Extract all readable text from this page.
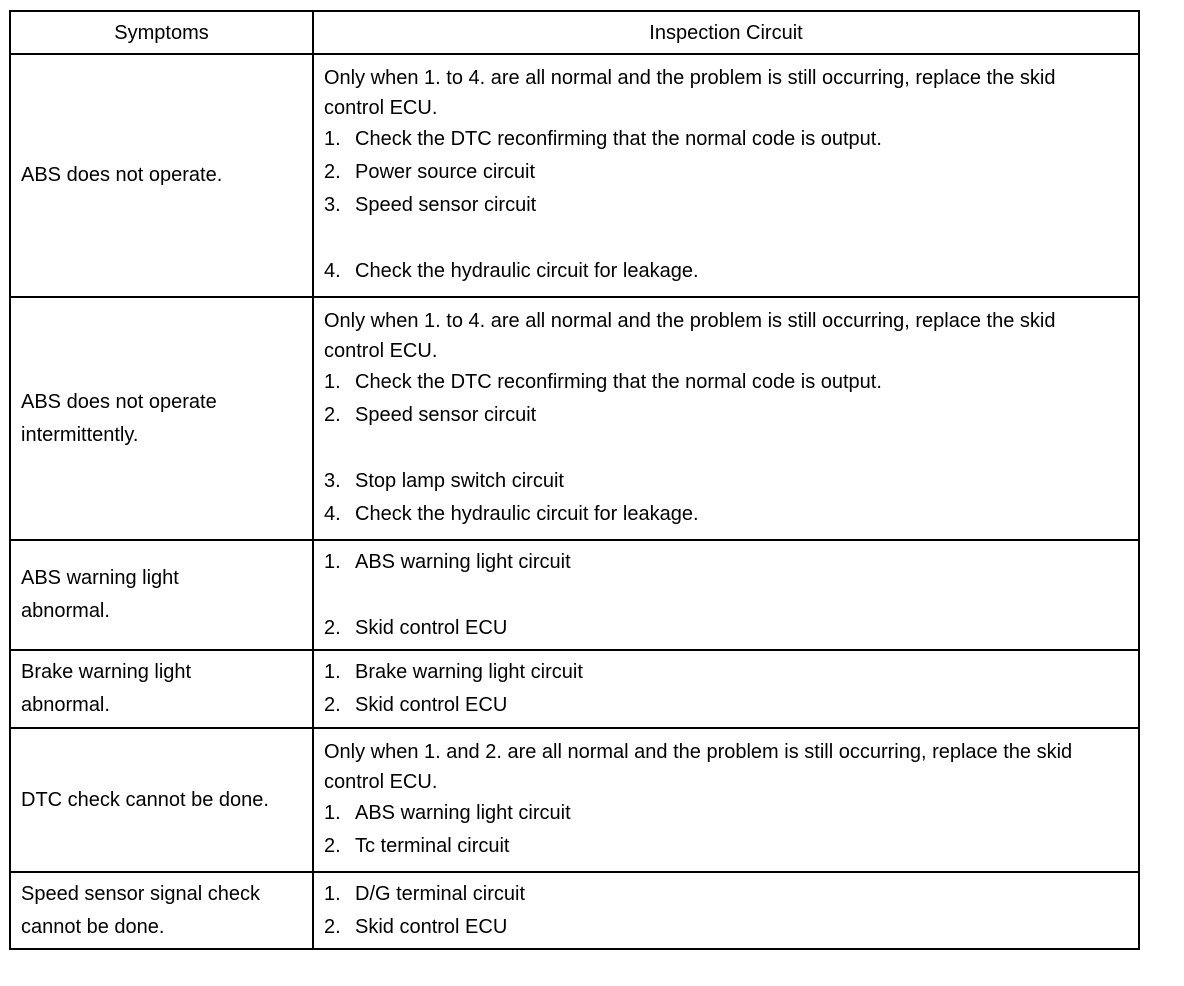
Symptoms	Inspection Circuit
ABS does not operate.	Only when 1. to 4. are all normal and the problem is still occurring, replace the skid control ECU.
1. Check the DTC reconfirming that the normal code is output.
2. Power source circuit
3. Speed sensor circuit
4. Check the hydraulic circuit for leakage.

ABS does not operate intermittently.	Only when 1. to 4. are all normal and the problem is still occurring, replace the skid control ECU.
1. Check the DTC reconfirming that the normal code is output.
2. Speed sensor circuit
3. Stop lamp switch circuit
4. Check the hydraulic circuit for leakage.

ABS warning light
abnormal.	1. ABS warning light circuit
2. Skid control ECU

Brake warning light
abnormal.	1. Brake warning light circuit
2. Skid control ECU

DTC check cannot be done.	Only when 1. and 2. are all normal and the problem is still occurring, replace the skid control ECU.
1. ABS warning light circuit
2. Tc terminal circuit

Speed sensor signal check
cannot be done.	1. D/G terminal circuit
2. Skid control ECU
